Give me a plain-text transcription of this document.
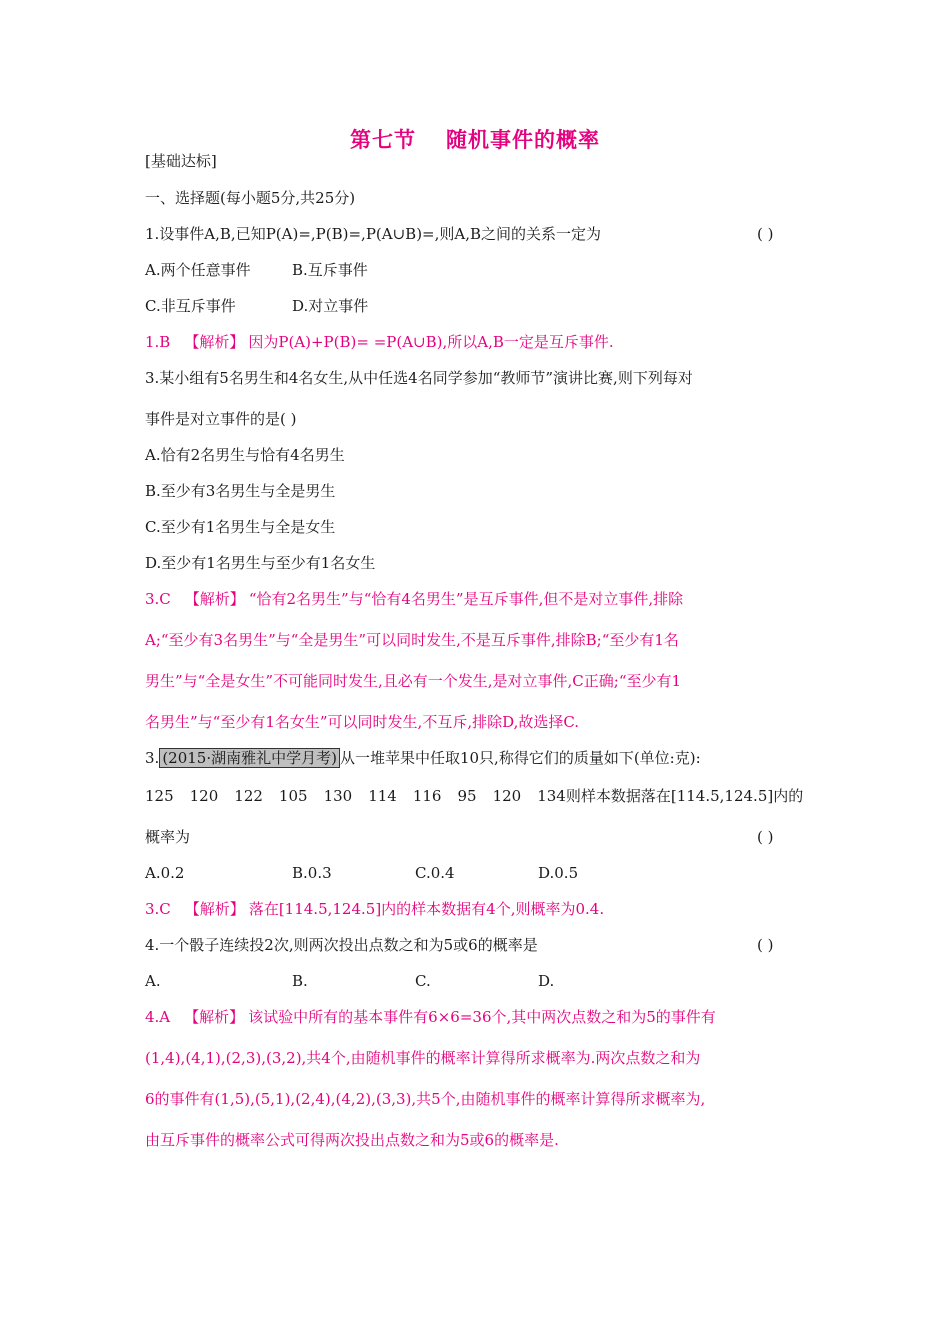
第七节 随机事件的概率
[基础达标]
一、选择题(每小题5分,共25分)
1.设事件A,B,已知P(A)=,P(B)=,P(A∪B)=,则A,B之间的关系一定为	( )
A.两个任意事件	B.互斥事件
C.非互斥事件	D.对立事件
1.B 【解析】 因为P(A)+P(B)= =P(A∪B),所以A,B一定是互斥事件.
3.某小组有5名男生和4名女生,从中任选4名同学参加“教师节”演讲比赛,则下列每对
事件是对立事件的是( )
A.恰有2名男生与恰有4名男生
B.至少有3名男生与全是男生
C.至少有1名男生与全是女生
D.至少有1名男生与至少有1名女生
3.C 【解析】 “恰有2名男生”与“恰有4名男生”是互斥事件,但不是对立事件,排除
A;“至少有3名男生”与“全是男生”可以同时发生,不是互斥事件,排除B;“至少有1名
男生”与“全是女生”不可能同时发生,且必有一个发生,是对立事件,C正确;“至少有1
名男生”与“至少有1名女生”可以同时发生,不互斥,排除D,故选择C.
3. (2015·湖南雅礼中学月考) 从一堆苹果中任取10只,称得它们的质量如下(单位:克):
125 120 122 105 130 114 116 95 120 134则样本数据落在[114.5,124.5]内的
概率为	( )
A.0.2	B.0.3	C.0.4	D.0.5
3.C 【解析】 落在[114.5,124.5]内的样本数据有4个,则概率为0.4.
4.一个骰子连续投2次,则两次投出点数之和为5或6的概率是	( )
A.	B.	C.	D.
4.A 【解析】 该试验中所有的基本事件有6×6=36个,其中两次点数之和为5的事件有
(1,4),(4,1),(2,3),(3,2),共4个,由随机事件的概率计算得所求概率为.两次点数之和为
6的事件有(1,5),(5,1),(2,4),(4,2),(3,3),共5个,由随机事件的概率计算得所求概率为,
由互斥事件的概率公式可得两次投出点数之和为5或6的概率是.
